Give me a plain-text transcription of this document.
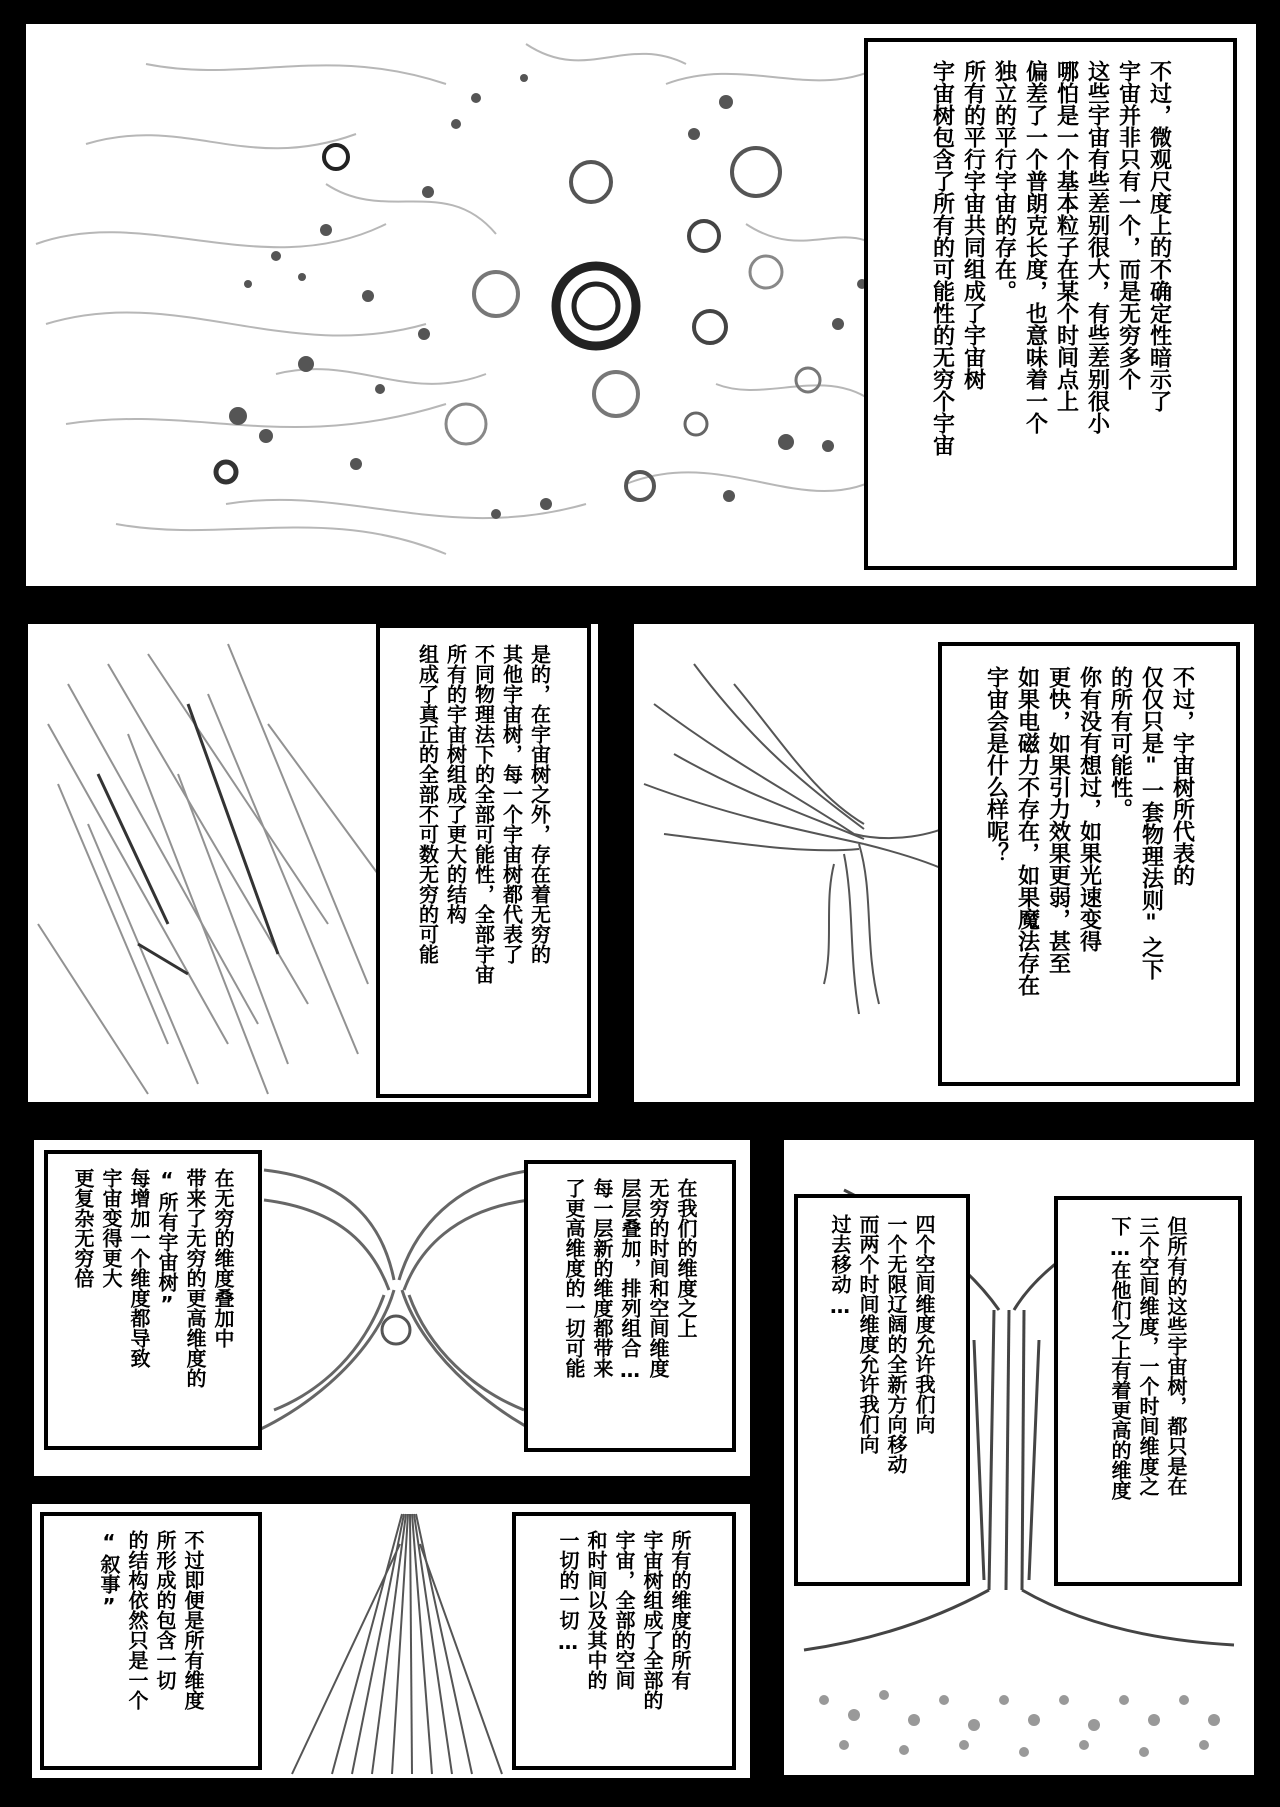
不过，微观尺度上的不确定性暗示了
宇宙并非只有一个，而是无穷多个
这些宇宙有些差别很大，有些差别很小
哪怕是一个基本粒子在某个时间点上
偏差了一个普朗克长度，也意味着一个
独立的平行宇宙的存在。
所有的平行宇宙共同组成了宇宙树
宇宙树包含了所有的可能性的无穷个宇宙
是的，在宇宙树之外，存在着无穷的
其他宇宙树，每一个宇宙树都代表了
不同物理法下的全部可能性，全部宇宙
所有的宇宙树组成了更大的结构
组成了真正的全部不可数无穷的可能	不过，宇宙树所代表的
仅仅只是"一套物理法则"之下
的所有可能性。
你有没有想过，如果光速变得
更快，如果引力效果更弱，甚至
如果电磁力不存在，如果魔法存在
宇宙会是什么样呢？
在无穷的维度叠加中
带来了无穷的更高维度的
“所有宇宙树”
每增加一个维度都导致
宇宙变得更大
更复杂无穷倍	在我们的维度之上
无穷的时间和空间维度
层层叠加，排列组合…
每一层新的维度都带来
了更高维度的一切可能	但所有的这些宇宙树，都只是在
三个空间维度，一个时间维度之
下…在他们之上有着更高的维度
四个空间维度允许我们向
一个无限辽阔的全新方向移动
而两个时间维度允许我们向
过去移动…
不过即便是所有维度
所形成的包含一切
的结构依然只是一个
“叙事”	所有的维度的所有
宇宙树组成了全部的
宇宙，全部的空间
和时间以及其中的
一切的一切…
